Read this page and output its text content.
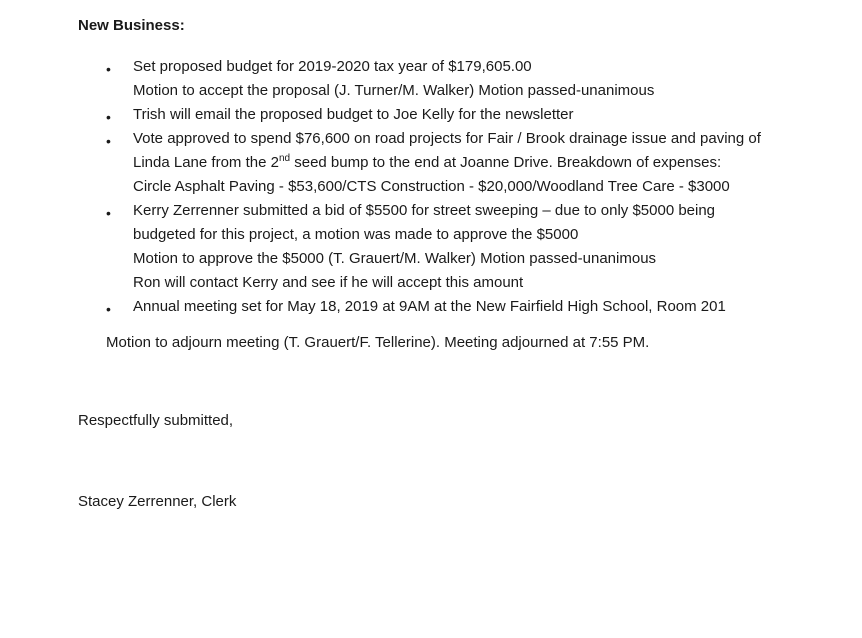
New Business:
•	Set proposed budget for 2019-2020 tax year of $179,605.00
Motion to accept the proposal (J. Turner/M. Walker) Motion passed-unanimous
•	Trish will email the proposed budget to Joe Kelly for the newsletter
•	Vote approved to spend $76,600 on road projects for Fair / Brook drainage issue and paving of
Linda Lane from the 2nd seed bump to the end at Joanne Drive. Breakdown of expenses:
Circle Asphalt Paving - $53,600/CTS Construction - $20,000/Woodland Tree Care - $3000
•	Kerry Zerrenner submitted a bid of $5500 for street sweeping – due to only $5000 being
budgeted for this project, a motion was made to approve the $5000
Motion to approve the $5000 (T. Grauert/M. Walker) Motion passed-unanimous
Ron will contact Kerry and see if he will accept this amount
•	Annual meeting set for May 18, 2019 at 9AM at the New Fairfield High School, Room 201
Motion to adjourn meeting (T. Grauert/F. Tellerine). Meeting adjourned at 7:55 PM.
Respectfully submitted,
Stacey Zerrenner, Clerk
